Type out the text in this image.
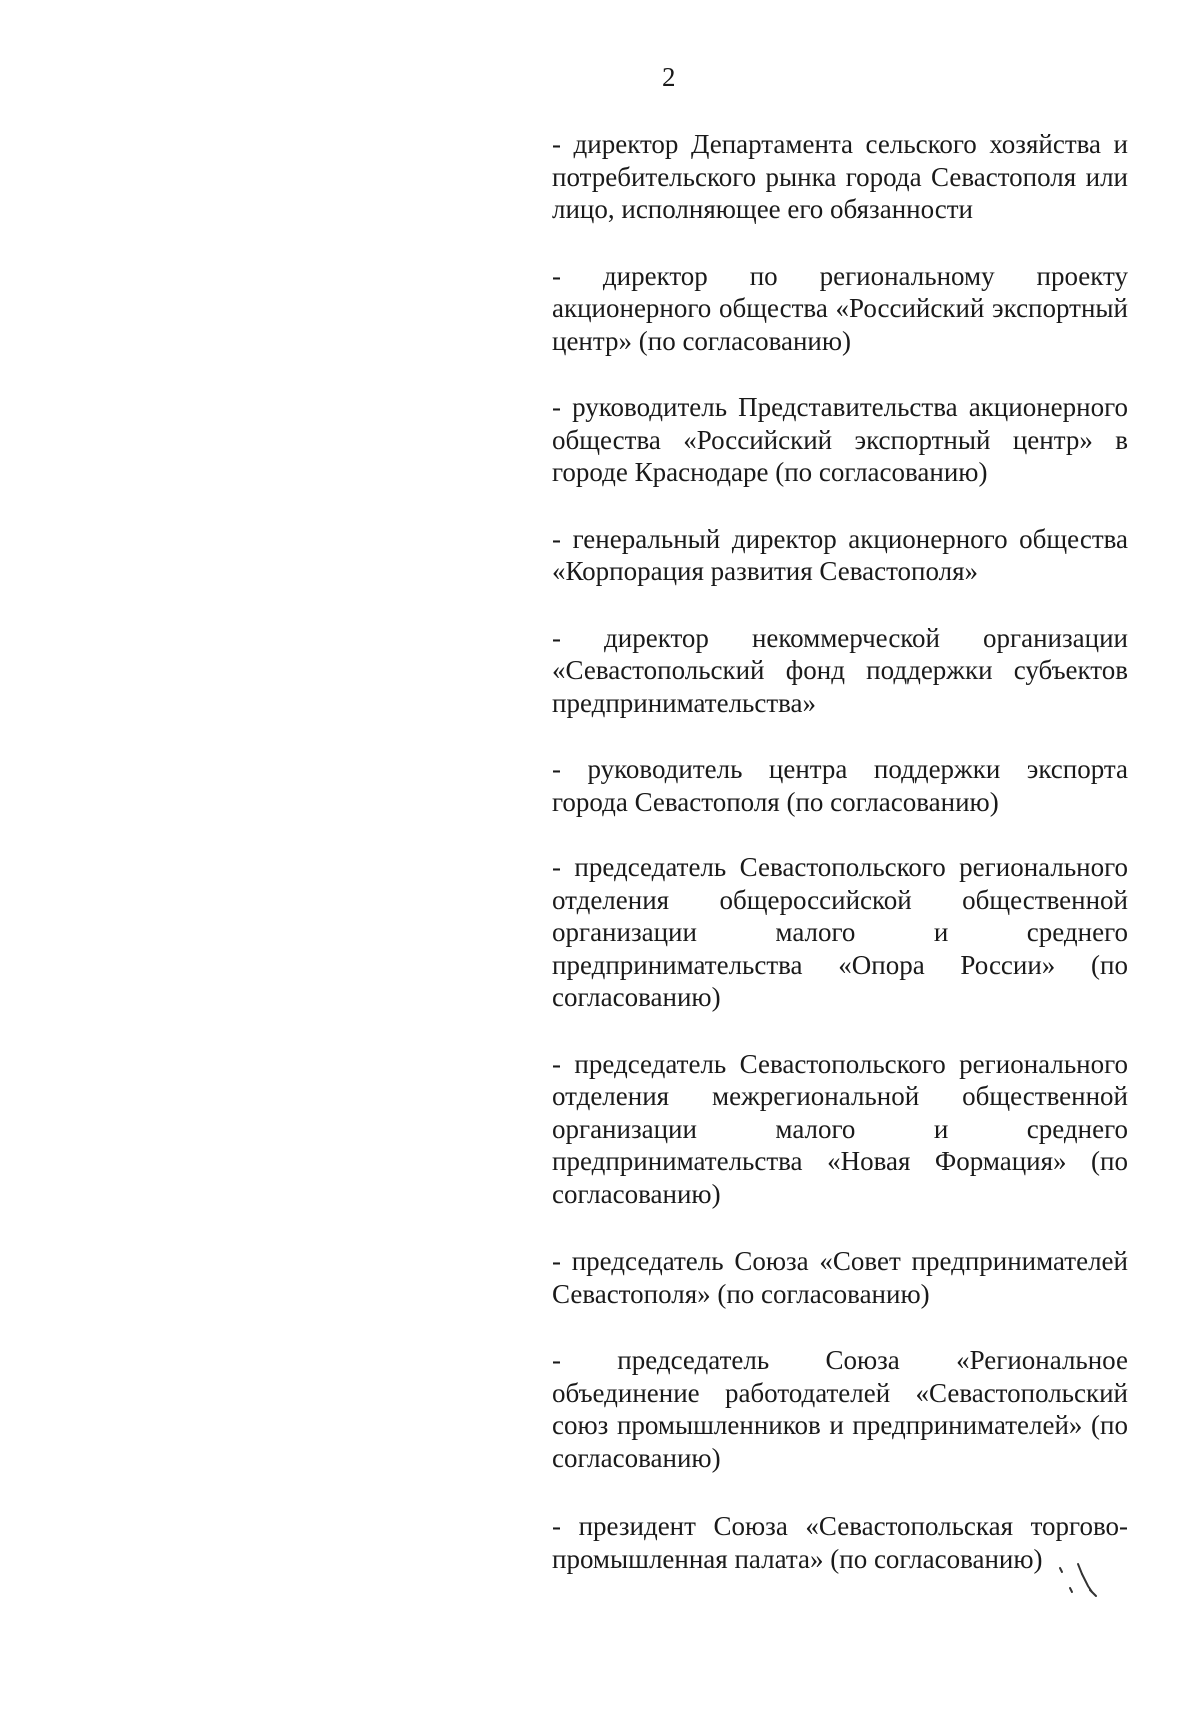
2

- директор Департамента сельского хозяйства и потребительского рынка города Севастополя или лицо, исполняющее его обязанности

- директор по региональному проекту акционерного общества «Российский экспортный центр» (по согласованию)

- руководитель Представительства акционерного общества «Российский экспортный центр» в городе Краснодаре (по согласованию)

- генеральный директор акционерного общества «Корпорация развития Севастополя»

- директор некоммерческой организации «Севастопольский фонд поддержки субъектов предпринимательства»

- руководитель центра поддержки экспорта города Севастополя (по согласованию)

- председатель Севастопольского регионального отделения общероссийской общественной организации малого и среднего предпринимательства «Опора России» (по согласованию)

- председатель Севастопольского регионального отделения межрегиональной общественной организации малого и среднего предпринимательства «Новая Формация» (по согласованию)

- председатель Союза «Совет предпринимателей Севастополя» (по согласованию)

- председатель Союза «Региональное объединение работодателей «Севастопольский союз промышленников и предпринимателей» (по согласованию)

- президент Союза «Севастопольская торгово-промышленная палата» (по согласованию)
